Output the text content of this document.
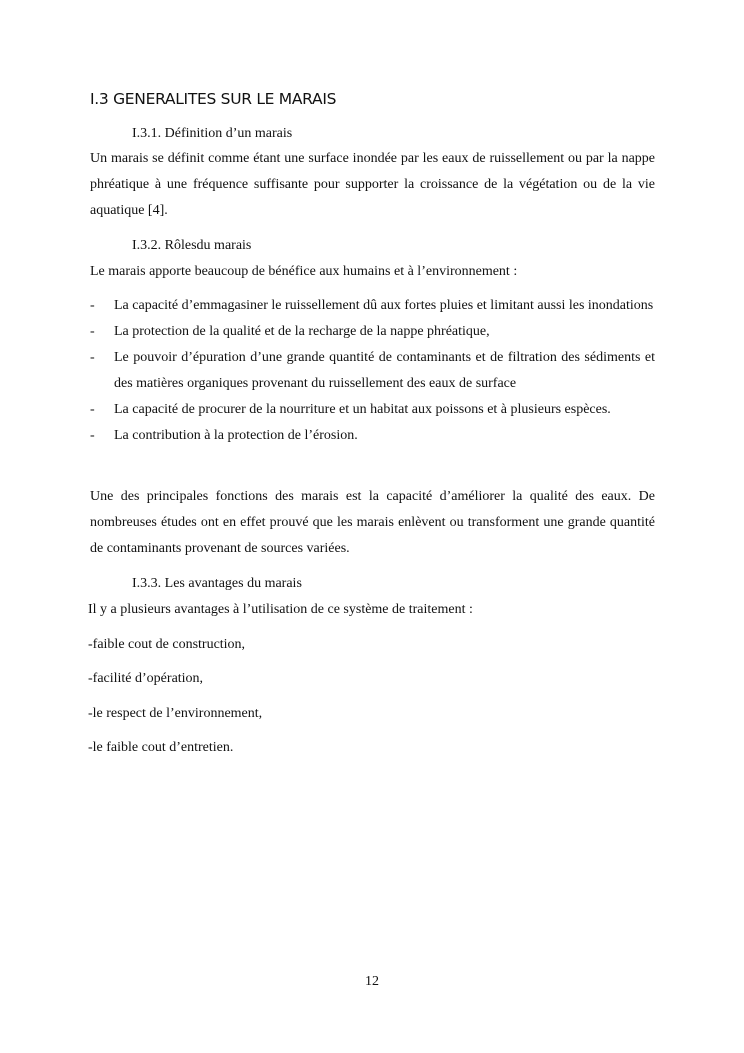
I.3 GENERALITES SUR LE MARAIS
I.3.1. Définition d’un marais
Un marais se définit comme étant une surface inondée par les eaux de ruissellement ou par la nappe phréatique à une fréquence suffisante pour supporter la croissance de la végétation ou de la vie aquatique [4].
I.3.2. Rôlesdu marais
Le marais apporte beaucoup de bénéfice aux humains et à l’environnement :
- La capacité d’emmagasiner le ruissellement dû aux fortes pluies et limitant aussi les inondations
- La protection de la qualité et de la recharge de la nappe phréatique,
- Le pouvoir d’épuration d’une grande quantité de contaminants et de filtration des sédiments et des matières organiques provenant du ruissellement des eaux de surface
- La capacité de procurer de la nourriture et un habitat aux poissons et à plusieurs espèces.
- La contribution à la protection de l’érosion.
Une des principales fonctions des marais est la capacité d’améliorer la qualité des eaux. De nombreuses études ont en effet prouvé que les marais enlèvent ou transforment une grande quantité de contaminants provenant de sources variées.
I.3.3. Les avantages du marais
Il y a plusieurs avantages à l’utilisation de ce système de traitement :
-faible cout de construction,
-facilité d’opération,
-le respect de l’environnement,
-le faible cout d’entretien.
12
